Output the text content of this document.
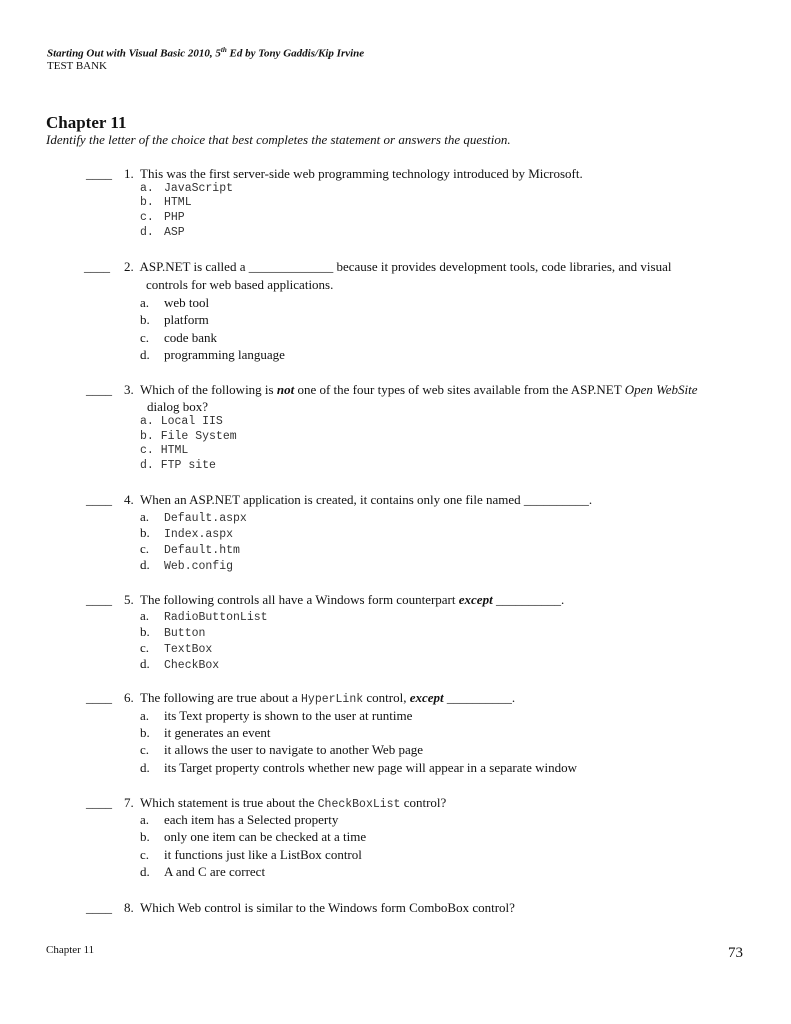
Starting Out with Visual Basic 2010, 5th Ed by Tony Gaddis/Kip Irvine
TEST BANK
Chapter 11
Identify the letter of the choice that best completes the statement or answers the question.
____ 1. This was the first server-side web programming technology introduced by Microsoft.
a. JavaScript
b. HTML
c. PHP
d. ASP
____ 2. ASP.NET is called a _____________ because it provides development tools, code libraries, and visual
controls for web based applications.
a. web tool
b. platform
c. code bank
d. programming language
____ 3. Which of the following is not one of the four types of web sites available from the ASP.NET Open WebSite
dialog box?
a. Local IIS
b. File System
c. HTML
d. FTP site
____ 4. When an ASP.NET application is created, it contains only one file named __________.
a. Default.aspx
b. Index.aspx
c. Default.htm
d. Web.config
____ 5. The following controls all have a Windows form counterpart except __________.
a. RadioButtonList
b. Button
c. TextBox
d. CheckBox
____ 6. The following are true about a HyperLink control, except __________.
a. its Text property is shown to the user at runtime
b. it generates an event
c. it allows the user to navigate to another Web page
d. its Target property controls whether new page will appear in a separate window
____ 7. Which statement is true about the CheckBoxList control?
a. each item has a Selected property
b. only one item can be checked at a time
c. it functions just like a ListBox control
d. A and C are correct
____ 8. Which Web control is similar to the Windows form ComboBox control?
Chapter 11	73
